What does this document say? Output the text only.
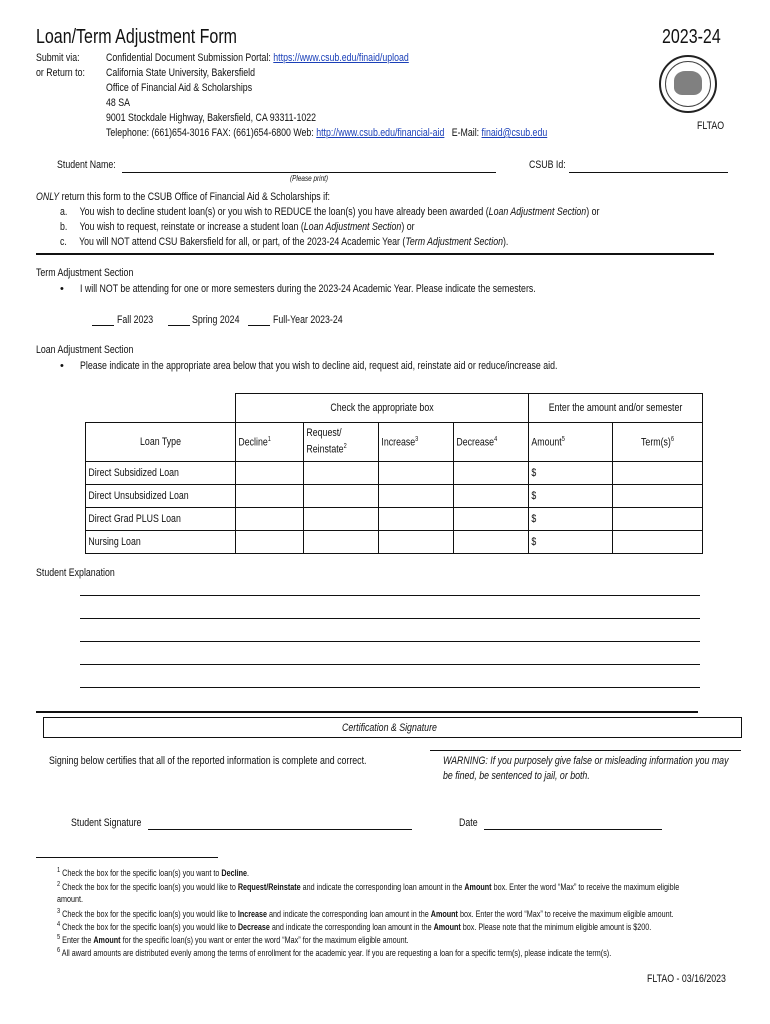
Loan/Term Adjustment Form	2023-24
Submit via:
or Return to:
Confidential Document Submission Portal: https://www.csub.edu/finaid/upload
California State University, Bakersfield
Office of Financial Aid & Scholarships
48 SA
9001 Stockdale Highway, Bakersfield, CA 93311-1022
Telephone: (661)654-3016 FAX: (661)654-6800 Web: http://www.csub.edu/financial-aid E-Mail: finaid@csub.edu
FLTAO
Student Name:
(Please print)
CSUB Id:
ONLY return this form to the CSUB Office of Financial Aid & Scholarships if:
a. You wish to decline student loan(s) or you wish to REDUCE the loan(s) you have already been awarded (Loan Adjustment Section) or
b. You wish to request, reinstate or increase a student loan (Loan Adjustment Section) or
c. You will NOT attend CSU Bakersfield for all, or part, of the 2023-24 Academic Year (Term Adjustment Section).
Term Adjustment Section
• I will NOT be attending for one or more semesters during the 2023-24 Academic Year. Please indicate the semesters.
Fall 2023	Spring 2024	Full-Year 2023-24
Loan Adjustment Section
• Please indicate in the appropriate area below that you wish to decline aid, request aid, reinstate aid or reduce/increase aid.

	Check the appropriate box				Enter the amount and/or semester	

Loan Type	Decline$^1$	Request/
Reinstate$^2$	Increase$^3$	Decrease$^4$	Amount$^5$	$Term(s)^6$

Direct Subsidized Loan					$	

Direct Unsubsidized Loan					$	

Direct Grad PLUS Loan					$	

Nursing Loan					$	

Student Explanation
Certification & Signature
Signing below certifies that all of the reported information is complete and correct.	WARNING: If you purposely give false or misleading information you may
be fined, be sentenced to jail, or both.
Student Signature	Date
$^1$ Check the box for the specific loan(s) you want to Decline.
$^2$ Check the box for the specific loan(s) you would like to Request/Reinstate and indicate the corresponding loan amount in the Amount box. Enter the word “Max” to receive the maximum eligible
amount.
$^3$ Check the box for the specific loan(s) you would like to Increase and indicate the corresponding loan amount in the Amount box. Enter the word “Max” to receive the maximum eligible amount.
$^4$ Check the box for the specific loan(s) you would like to Decrease and indicate the corresponding loan amount in the Amount box. Please note that the minimum eligible amount is $200.
$^5$ Enter the Amount for the specific loan(s) you want or enter the word “Max” for the maximum eligible amount.
$^6$ All award amounts are distributed evenly among the terms of enrollment for the academic year. If you are requesting a loan for a specific term(s), please indicate the term(s).
FLTAO - 03/16/2023
